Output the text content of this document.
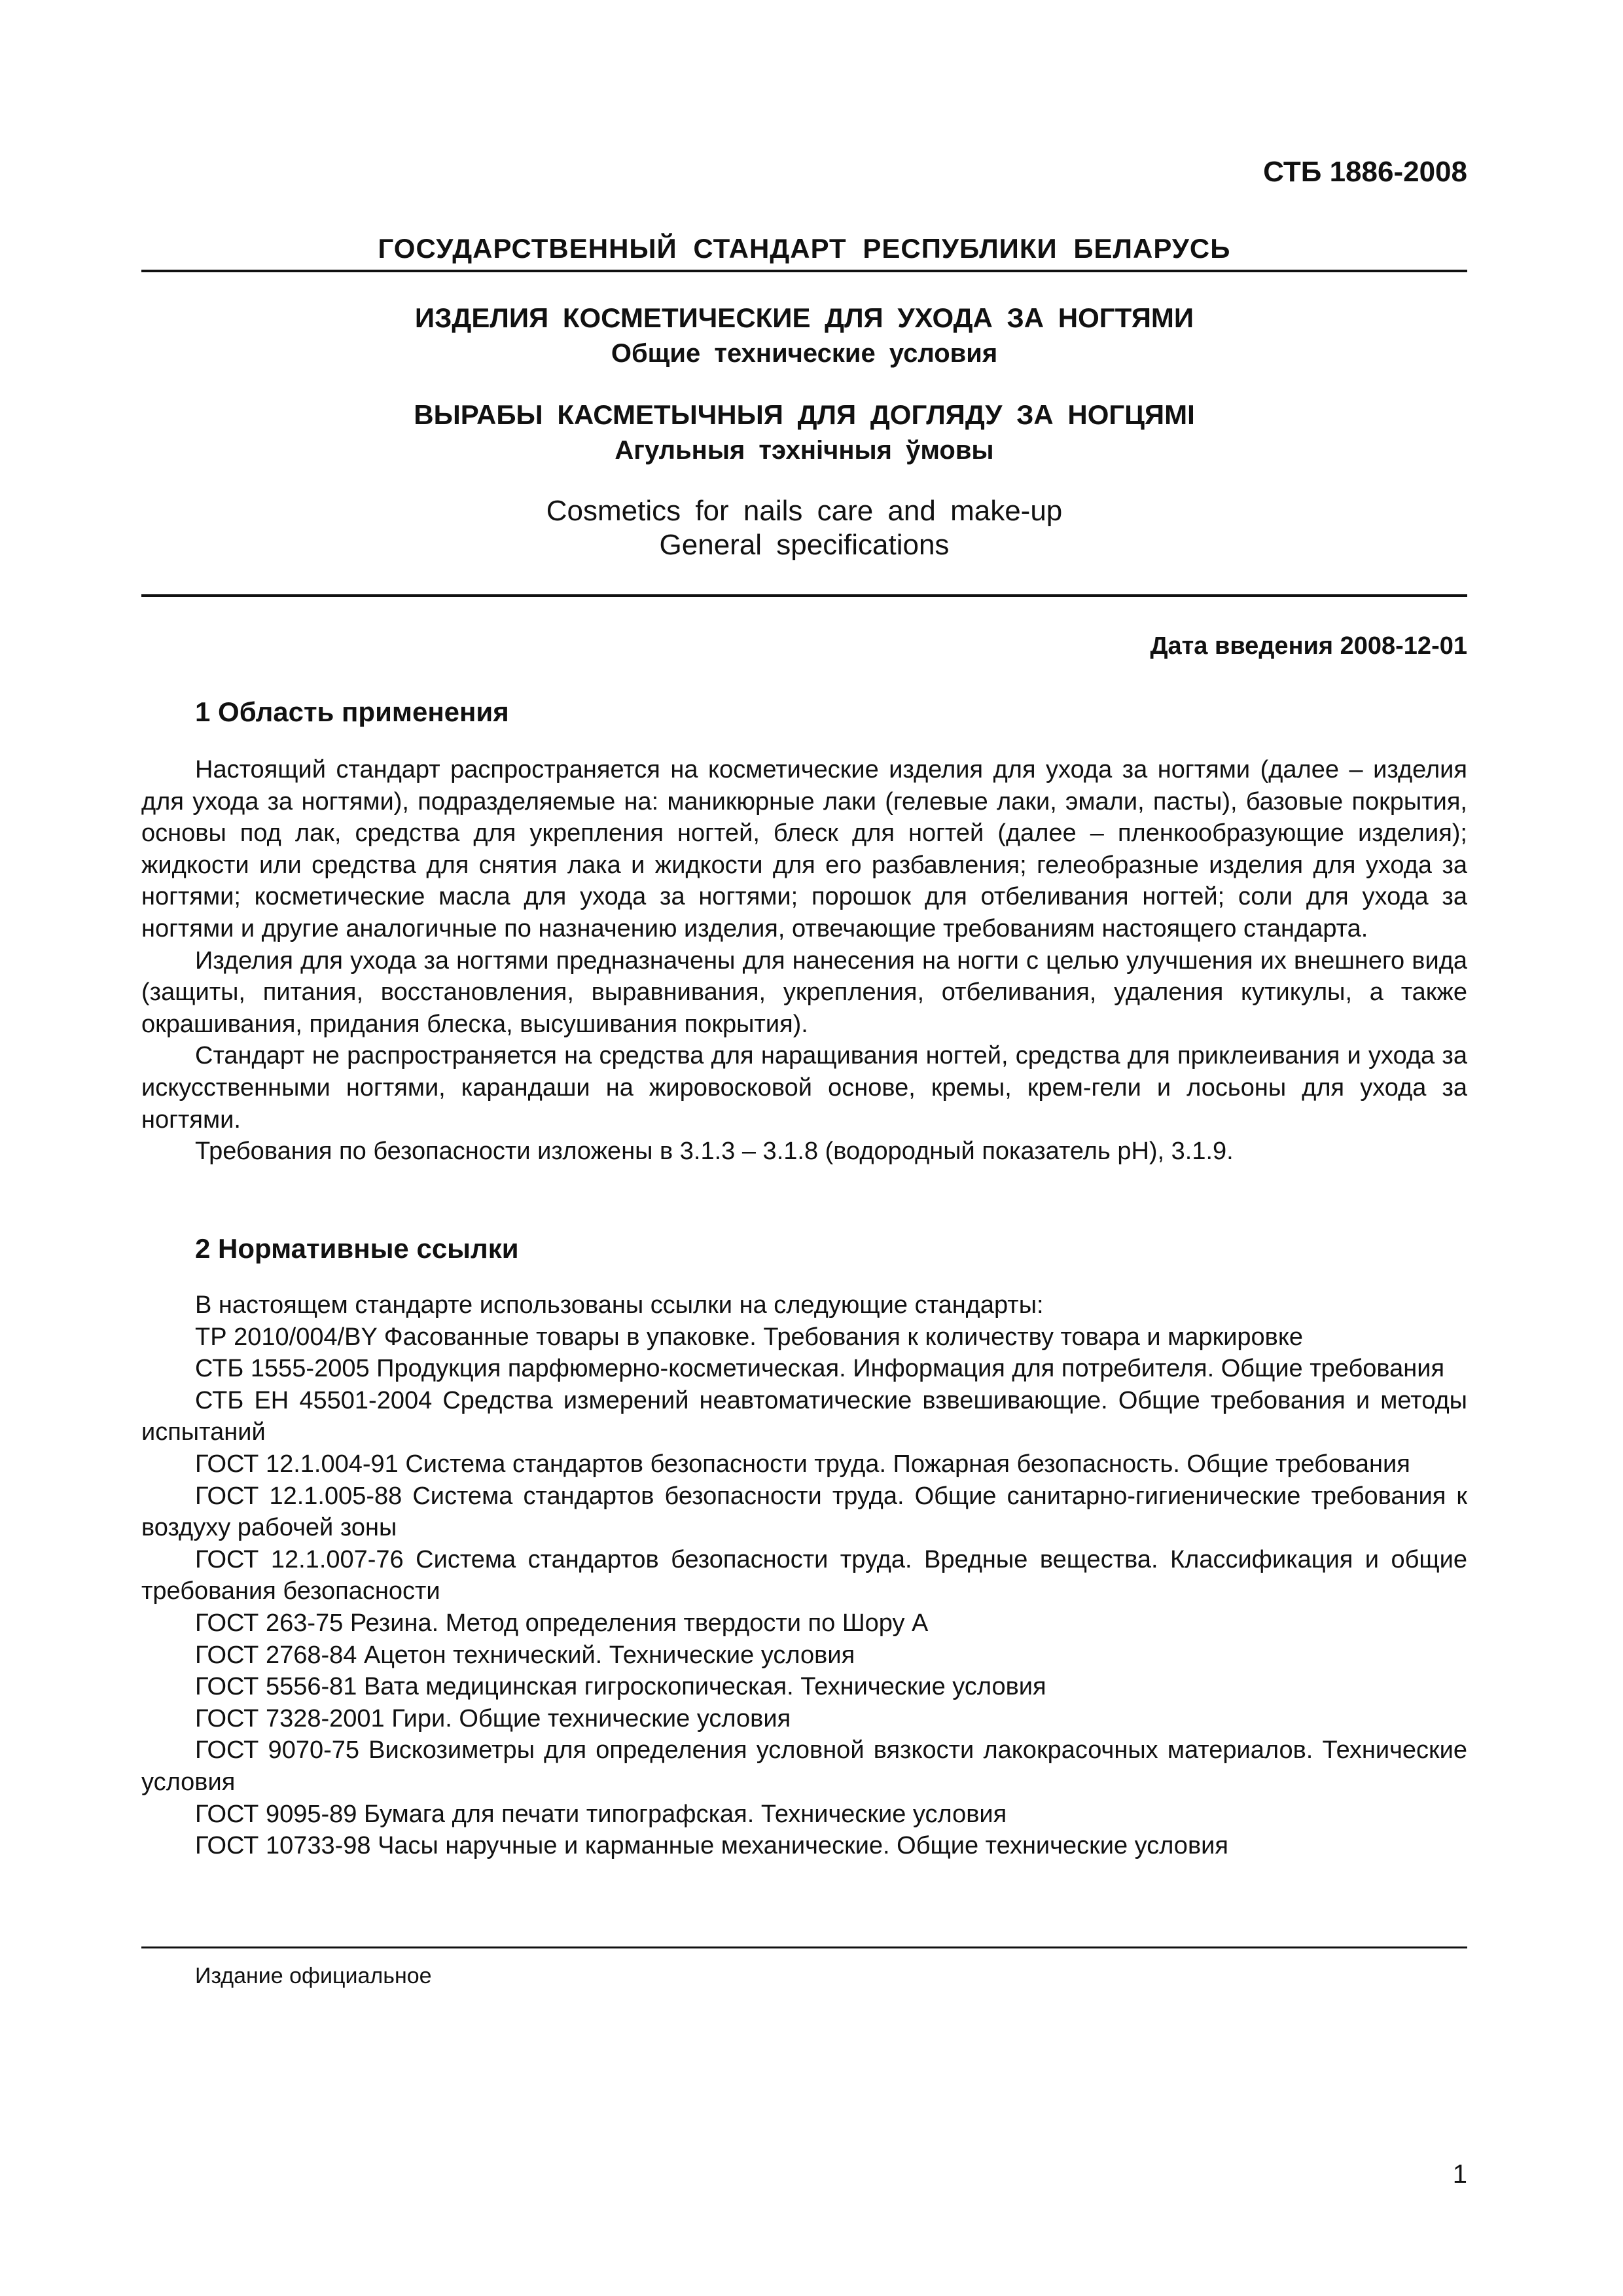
СТБ 1886-2008
ГОСУДАРСТВЕННЫЙ СТАНДАРТ РЕСПУБЛИКИ БЕЛАРУСЬ
ИЗДЕЛИЯ КОСМЕТИЧЕСКИЕ ДЛЯ УХОДА ЗА НОГТЯМИ
Общие технические условия
ВЫРАБЫ КАСМЕТЫЧНЫЯ ДЛЯ ДОГЛЯДУ ЗА НОГЦЯМІ
Агульныя тэхнічныя ўмовы
Cosmetics for nails care and make-up
General specifications
Дата введения 2008-12-01
1 Область применения

Настоящий стандарт распространяется на косметические изделия для ухода за ногтями (далее – изделия для ухода за ногтями), подразделяемые на: маникюрные лаки (гелевые лаки, эмали, пасты), базовые покрытия, основы под лак, средства для укрепления ногтей, блеск для ногтей (далее – пленкообразующие изделия); жидкости или средства для снятия лака и жидкости для его разбавления; гелеобразные изделия для ухода за ногтями; косметические масла для ухода за ногтями; порошок для отбеливания ногтей; соли для ухода за ногтями и другие аналогичные по назначению изделия, отвечающие требованиям настоящего стандарта.

Изделия для ухода за ногтями предназначены для нанесения на ногти с целью улучшения их внешнего вида (защиты, питания, восстановления, выравнивания, укрепления, отбеливания, удаления кутикулы, а также окрашивания, придания блеска, высушивания покрытия).

Стандарт не распространяется на средства для наращивания ногтей, средства для приклеивания и ухода за искусственными ногтями, карандаши на жировосковой основе, кремы, крем-гели и лосьоны для ухода за ногтями.

Требования по безопасности изложены в 3.1.3 – 3.1.8 (водородный показатель рН), 3.1.9.

2 Нормативные ссылки

В настоящем стандарте использованы ссылки на следующие стандарты:

ТР 2010/004/BY Фасованные товары в упаковке. Требования к количеству товара и маркировке

СТБ 1555-2005 Продукция парфюмерно-косметическая. Информация для потребителя. Общие требования

СТБ ЕН 45501-2004 Средства измерений неавтоматические взвешивающие. Общие требования и методы испытаний

ГОСТ 12.1.004-91 Система стандартов безопасности труда. Пожарная безопасность. Общие требования

ГОСТ 12.1.005-88 Система стандартов безопасности труда. Общие санитарно-гигиенические требования к воздуху рабочей зоны

ГОСТ 12.1.007-76 Система стандартов безопасности труда. Вредные вещества. Классификация и общие требования безопасности

ГОСТ 263-75 Резина. Метод определения твердости по Шору А

ГОСТ 2768-84 Ацетон технический. Технические условия

ГОСТ 5556-81 Вата медицинская гигроскопическая. Технические условия

ГОСТ 7328-2001 Гири. Общие технические условия

ГОСТ 9070-75 Вискозиметры для определения условной вязкости лакокрасочных материалов. Технические условия

ГОСТ 9095-89 Бумага для печати типографская. Технические условия

ГОСТ 10733-98 Часы наручные и карманные механические. Общие технические условия

Издание официальное
1
